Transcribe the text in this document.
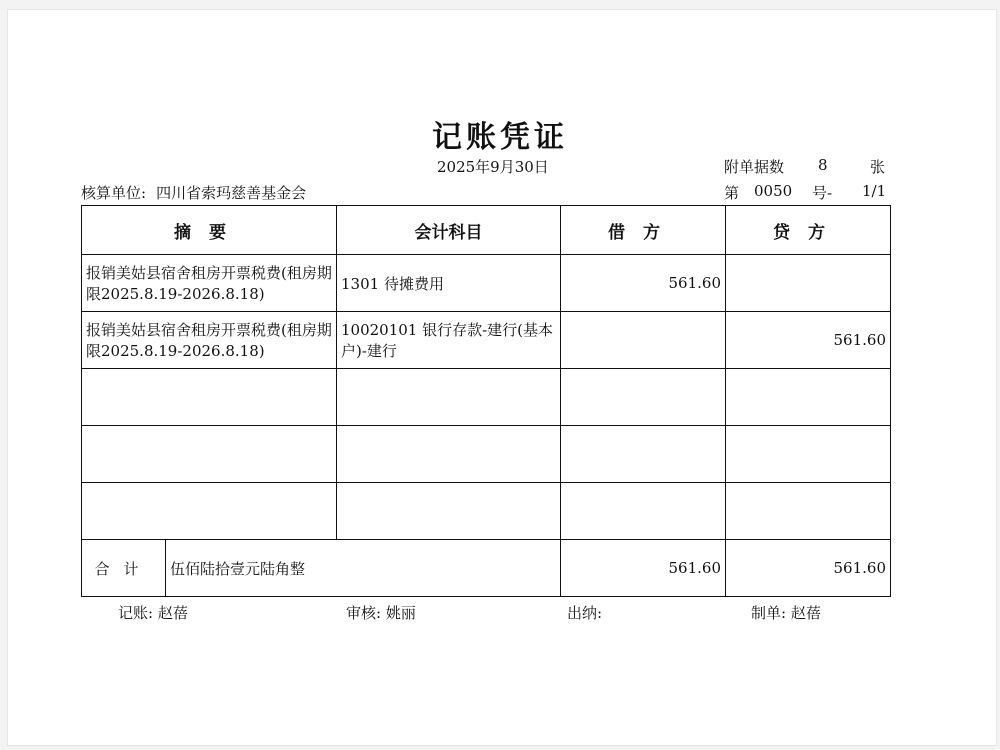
记账凭证
2025年9月30日	附单据数 8	张
核算单位: 四川省索玛慈善基金会	第 0050 号- 1/1
摘要		会计科目	借方	贷方
报销美姑县宿舍租房开票税费(租房期限2025.8.19-2026.8.18)		1301 待摊费用	561.60	
报销美姑县宿舍租房开票税费(租房期限2025.8.19-2026.8.18)		10020101 银行存款-建行(基本户)-建行		561.60

合计	伍佰陆拾壹元陆角整		561.60	561.60
记账: 赵蓓	审核: 姚丽	出纳:	制单: 赵蓓
